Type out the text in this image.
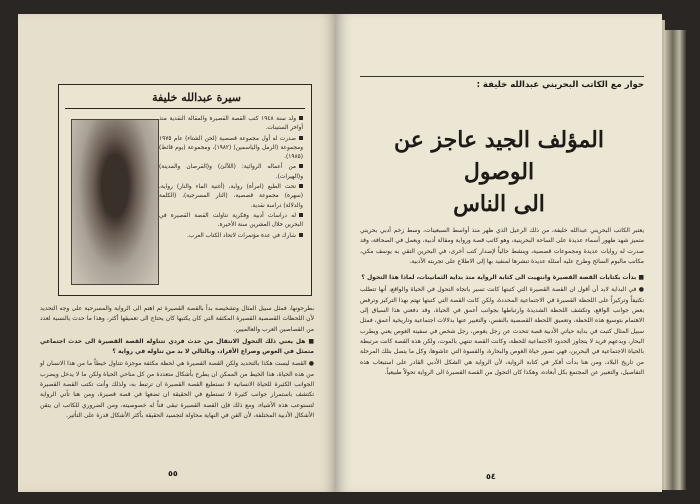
سيرة عبدالله خليفة
ولد سنة ١٩٤٨ كتب القصة القصيرة والمقالة النقدية منذ أواخر الستينات.
صدرت له أول مجموعة قصصية (لحن الشتاء) عام ١٩٧٥ ومجموعة (الرمل والياسمين) (١٩٨٢)، ومجموعة (يوم قائظ) (١٩٨٥).
من أعماله الروائية: (اللآلئ) و(القرصان والمدينة) و(الهيرات).
تحت الطبع (امرأة) رواية، (أغنية الماء والنار) رواية، (سهرة) مجموعة قصصية، (النار المسرحية)، (الكلمة والدلالة) دراسة نقدية.
له دراسات أدبية وفكرية تناولت القصة القصيرة في البحرين خلال العشرين سنة الأخيرة.
شارك في عدة مؤتمرات لاتحاد الكتاب العرب.

بطرحونها، فمثل سبيل المثال وتشخيصه بدأ بالقصة القصيرة ثم اهتم الى الرواية والمسرحية على وجه التحديد لأن اللحظات القصصية القصيرة المكثفة التي كان يكتبها كان يحتاج الى تعميقها أكثر، وهذا ما حدث بالنسبة لعدد من القصاصين العرب والعالميين.

■ هل يعني ذلك التحول الانتقال من حدث فردي تتناوله القصة القصيرة الى حدث اجتماعي متمثل في الغوص وصراع الأفراد، وبالتالي لا بد من تناوله في رواية ؟

● القصة ليست هكذا بالتحديد ولكن القصة القصيرة هي لحظة مكثفة موجزة تتناول خيطاً ما من هذا الانسان او من هذه الحياة، هذا الخيط من الممكن ان يطرح بأشكال متعددة من كل مناحي الحياة ولكن ما لا يدخل ويضرب الجوانب الكثيرة للحياة الانسانية لا تستطيع القصة القصيرة ان ترتبط به، ولذلك وأنت تكتب القصة القصيرة تكتشف باستمرار جوانب كثيرة لا تستطيع في الحقيقة ان تضعها في قصة قصيرة، ومن هنا تأتي الرواية لتستوعب هذه الأشياء، ومع ذلك فإن القصة القصيرة تبقى فناً له خصوصيته، ومن الضروري للكاتب ان يتقن الأشكال الأدبية المختلفة، لأن الفن في النهاية محاولة لتجسيد الحقيقة بأكثر الأشكال قدرة على التأثير.

٥٥
حوار مع الكاتب البحريني عبدالله خليفة :
المؤلف الجيد عاجز عن الوصول
الى الناس

يعتبر الكاتب البحريني عبدالله خليفة، من ذلك الرعيل الذي ظهر منذ أواسط السبعينات، وسط زخم أدبي بحريني متميز شهد ظهور أسماء عديدة على الساحة البحرينية، وهو كاتب قصة ورواية ومقالة أدبية، ويعمل في الصحافة، وقد صدرت له روايات عديدة ومجموعات قصصية، وينشط حالياً لإصدار كتب أخرى، في البحرين التقي به يوسف مكي، مكاتب مالبوم السائح وطرح عليه أسئلة عديدة تنشرها لمنفيد بها إلى الاطلاع على تجربته الأدبية.

■ بدأت بكتابات القصة القصيرة وانتهيت الى كتابة الرواية منذ بداية الثمانينات، لماذا هذا التحول ؟

● في البداية لابد أن أقول ان القصة القصيرة التي كتبتها كانت تسير باتجاه التحول في الحياة والواقع، أنها تتطلب تكثيفاً وتركيزاً على اللحظة القصيرة في الاجتماعية المحددة، ولكن كانت القصة التي كتبتها تهتم بهذا التركيز وترفض بعض جوانب الواقع، وتكشف اللحظة الشديدة وارتباطها بجوانب أعمق في الحياة، وقد دفعني هذا السياق إلى الاهتمام بتوسيع هذه اللحظة، وتعميق اللحظة القصصية بالنفس، والتعبير عنها بدلالات اجتماعية وتاريخية أعمق، فمثل سبيل المثال كتبت في بداية حياتي الأدبية قصة تتحدث عن رجل يغوص، رجل شخص في سفينة الغوص يعني ويطرب البحار، ويدعهم فريد لا يتجاوز الحدود الاجتماعية للحظة، وكانت القصة تنتهي بالموت، ولكن هذه القصة كانت مرتبطة بالحياة الاجتماعية في البحرين، فهي تصور حياة الغوص والبحارة، والقسوة التي عاشوها، وكل ما يتصل بتلك المرحلة من تاريخ البلاد، ومن هنا بدأت أفكر في كتابة الرواية، لأن الرواية هي الشكل الأدبي القادر على استيعاب هذه التفاصيل، والتعبير عن المجتمع بكل أبعاده، وهكذا كان التحول من القصة القصيرة الى الرواية تحولاً طبيعياً.

٥٤
